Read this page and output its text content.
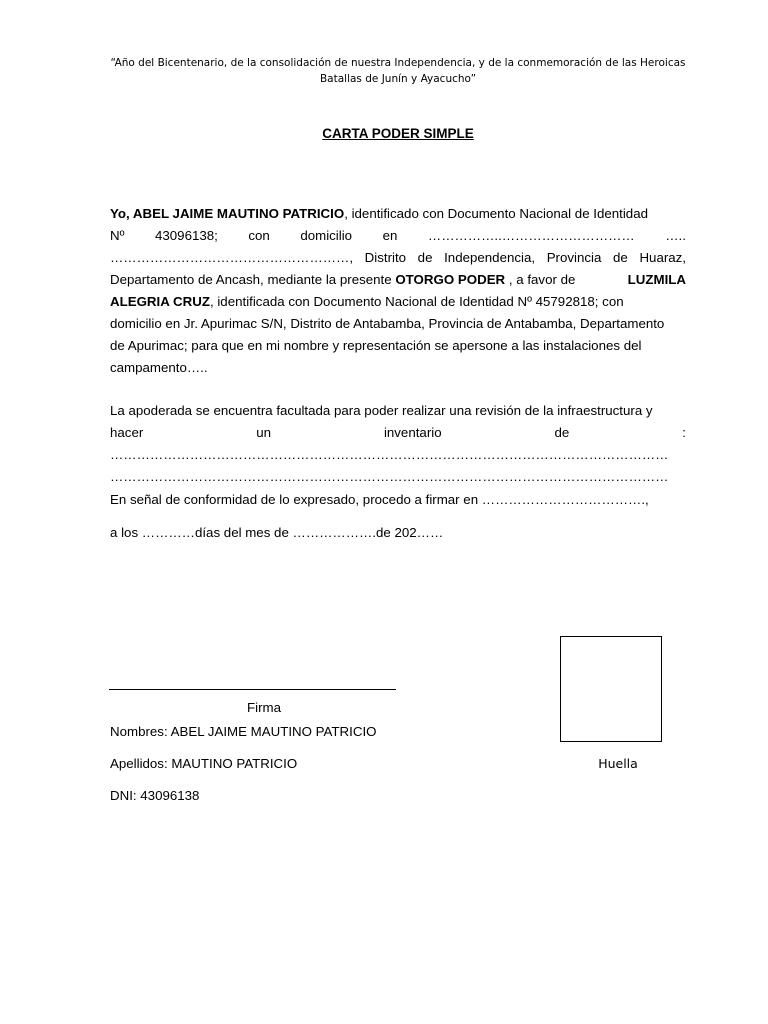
“Año del Bicentenario, de la consolidación de nuestra Independencia, y de la conmemoración de las Heroicas
Batallas de Junín y Ayacucho”

CARTA PODER SIMPLE
Yo, ABEL JAIME MAUTINO PATRICIO, identificado con Documento Nacional de Identidad
Nº 43096138; con domicilio en ……………..………………………… …..
………………………………………………, Distrito de Independencia, Provincia de Huaraz,
Departamento de Ancash, mediante la presente OTORGO PODER , a favor de	LUZMILA
ALEGRIA CRUZ, identificada con Documento Nacional de Identidad Nº 45792818; con
domicilio en Jr. Apurimac S/N, Distrito de Antabamba, Provincia de Antabamba, Departamento
de Apurimac; para que en mi nombre y representación se apersone a las instalaciones del
campamento…..
La apoderada se encuentra facultada para poder realizar una revisión de la infraestructura y
hacer	un	inventario	de	:
………………………………………………………………………………………………………………
………………………………………………………………………………………………………………

En señal de conformidad de lo expresado, procedo a firmar en ……………………………….,

a los …………días del mes de ……………….de 202……

Firma

Nombres: ABEL JAIME MAUTINO PATRICIO

Apellidos: MAUTINO PATRICIO

DNI: 43096138

Huella
